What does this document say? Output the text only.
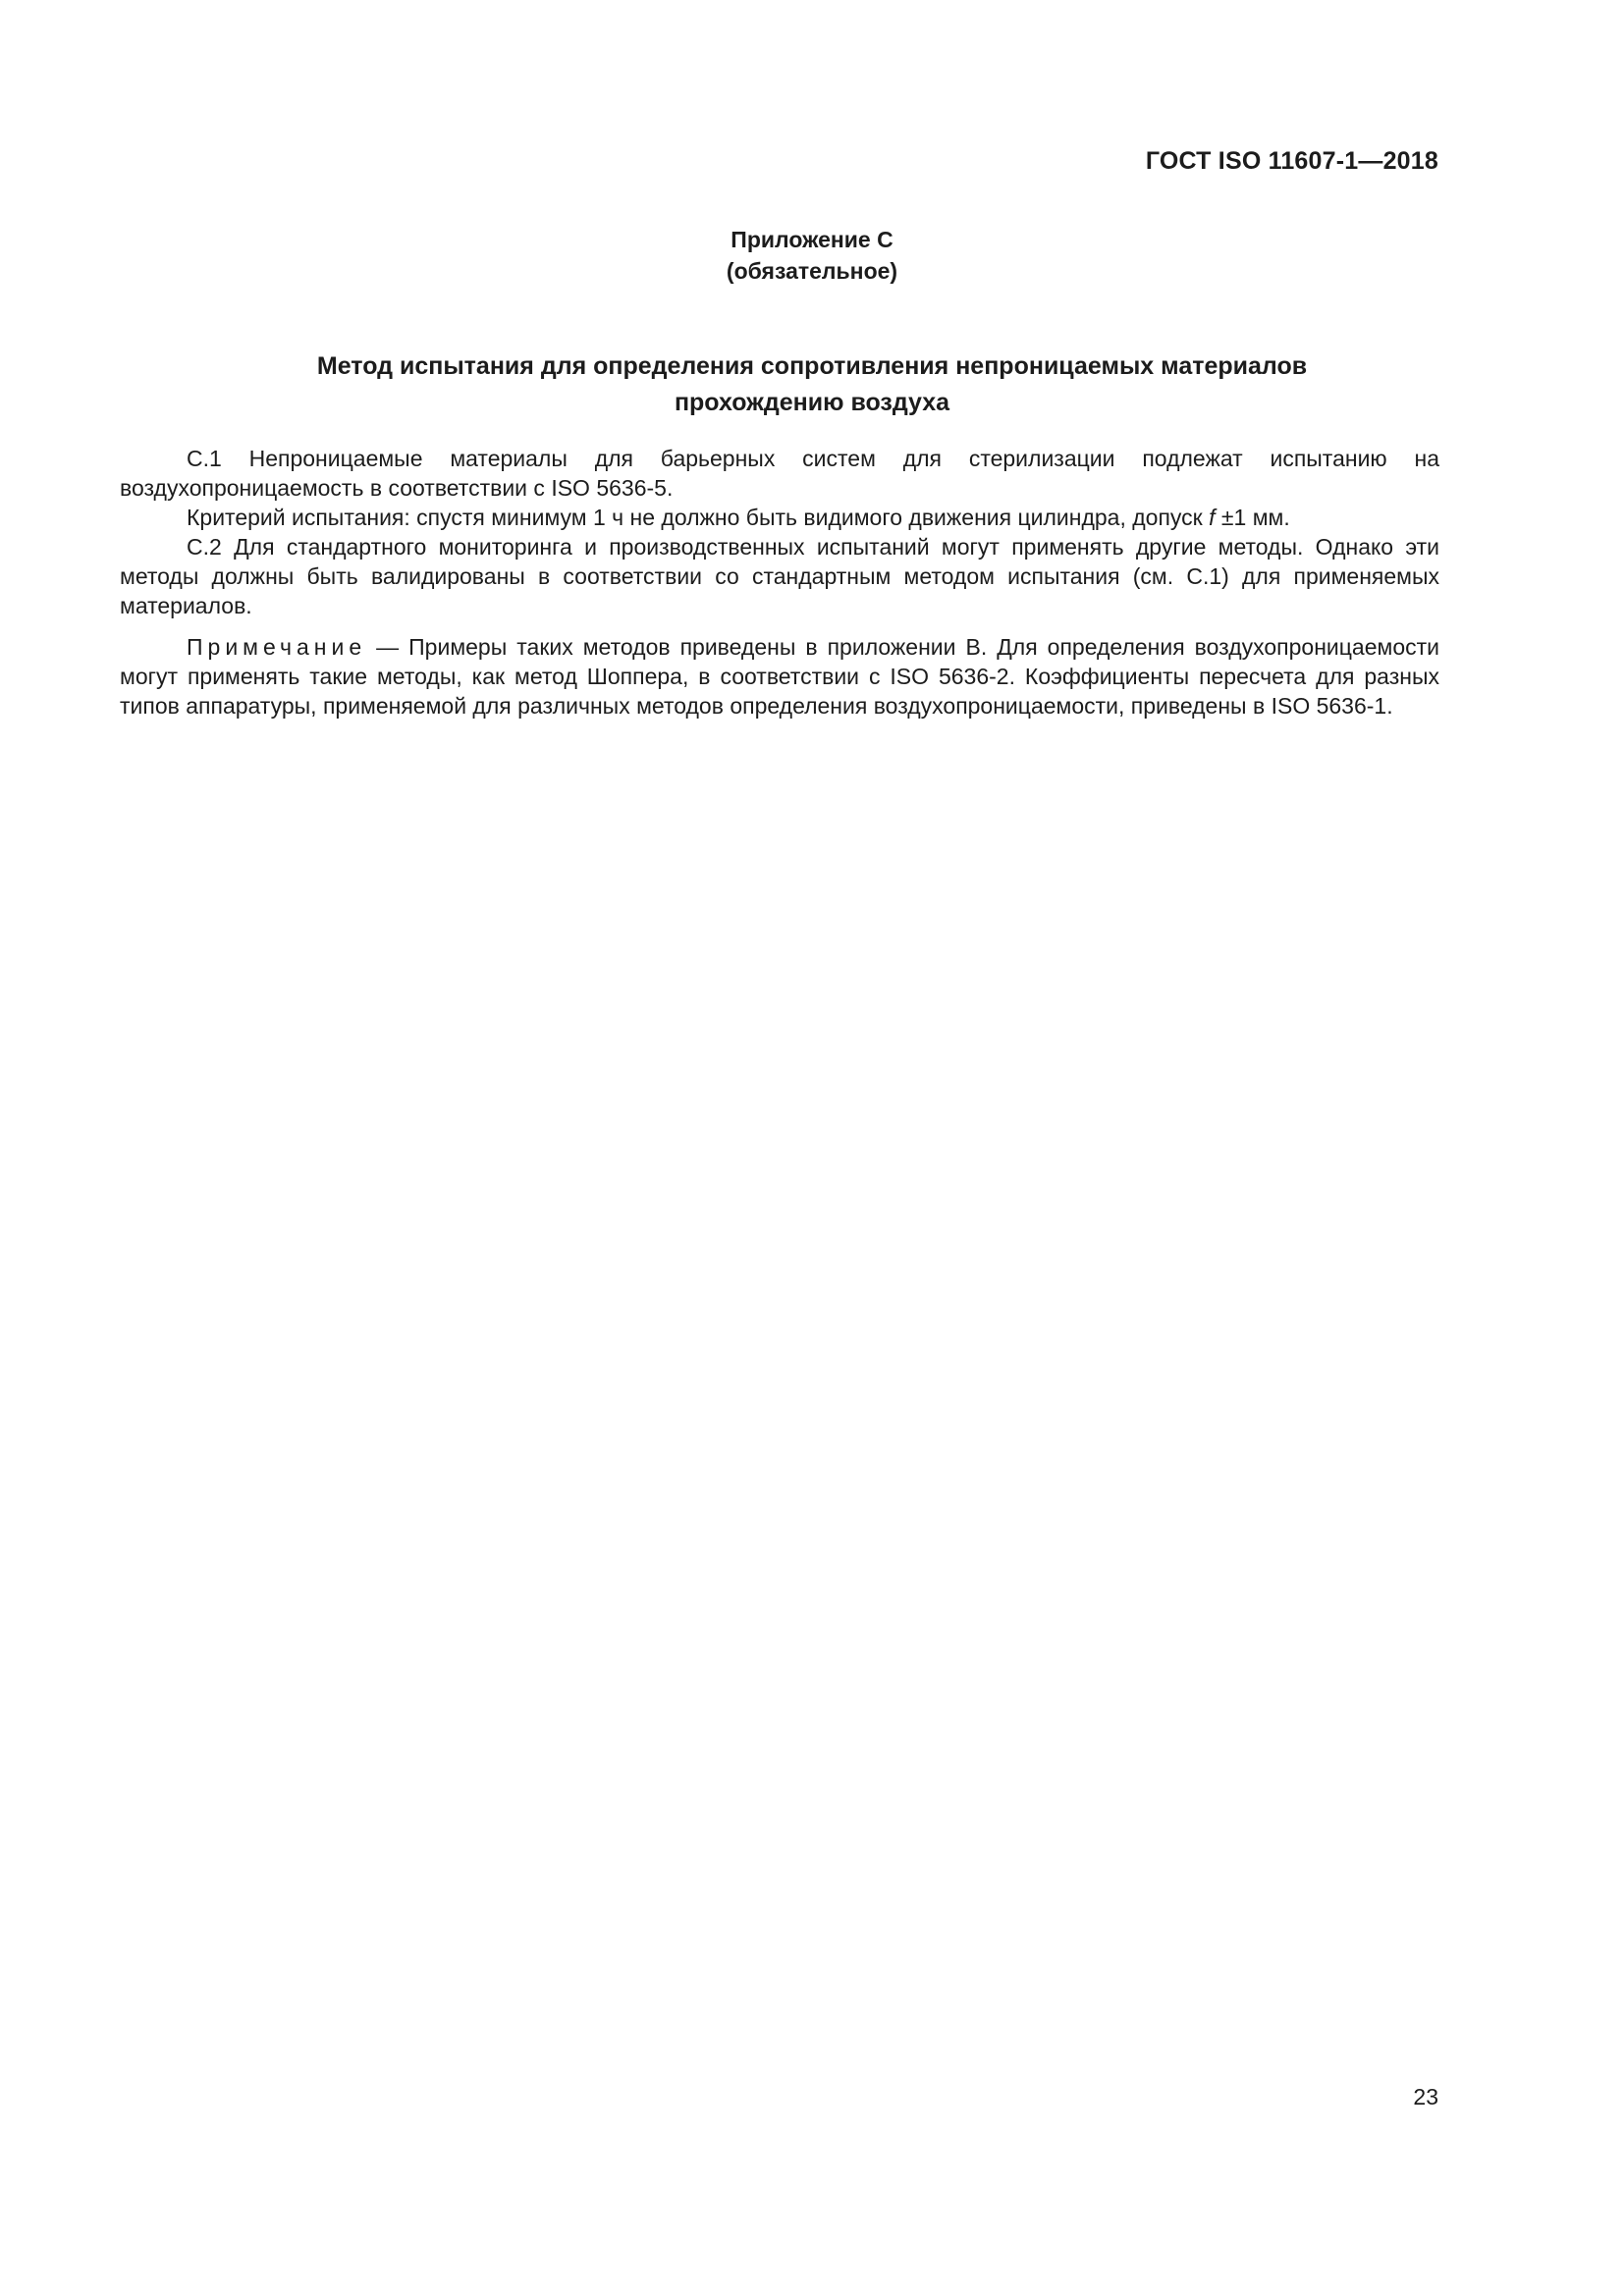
ГОСТ ISO 11607-1—2018
Приложение С
(обязательное)
Метод испытания для определения сопротивления непроницаемых материалов
прохождению воздуха

С.1 Непроницаемые материалы для барьерных систем для стерилизации подлежат испытанию на воздухопроницаемость в соответствии с ISO 5636-5.

Критерий испытания: спустя минимум 1 ч не должно быть видимого движения цилиндра, допуск f ±1 мм.

С.2 Для стандартного мониторинга и производственных испытаний могут применять другие методы. Однако эти методы должны быть валидированы в соответствии со стандартным методом испытания (см. С.1) для применяемых материалов.

Примечание — Примеры таких методов приведены в приложении В. Для определения воздухопроницаемости могут применять такие методы, как метод Шоппера, в соответствии с ISO 5636-2. Коэффициенты пересчета для разных типов аппаратуры, применяемой для различных методов определения воздухопроницаемости, приведены в ISO 5636-1.

23
